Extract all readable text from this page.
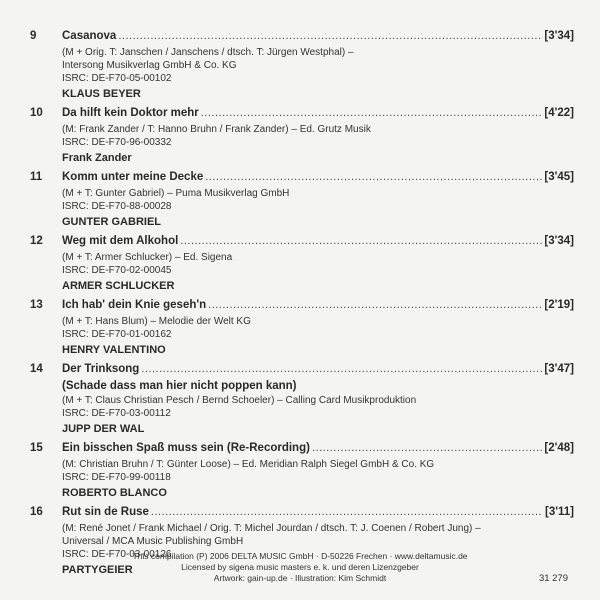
9	Casanova .....	[3'34]
(M + Orig. T: Janschen / Janschens / dtsch. T: Jürgen Westphal) –
Intersong Musikverlag GmbH & Co. KG
ISRC: DE-F70-05-00102
KLAUS BEYER
10	Da hilft kein Doktor mehr .....	[4'22]
(M: Frank Zander / T: Hanno Bruhn / Frank Zander) – Ed. Grutz Musik
ISRC: DE-F70-96-00332
Frank Zander
11	Komm unter meine Decke .....	[3'45]
(M + T: Gunter Gabriel) – Puma Musikverlag GmbH
ISRC: DE-F70-88-00028
GUNTER GABRIEL
12	Weg mit dem Alkohol .....	[3'34]
(M + T: Armer Schlucker) – Ed. Sigena
ISRC: DE-F70-02-00045
ARMER SCHLUCKER
13	Ich hab' dein Knie geseh'n .....	[2'19]
(M + T: Hans Blum) – Melodie der Welt KG
ISRC: DE-F70-01-00162
HENRY VALENTINO
14	Der Trinksong .....	[3'47]
(Schade dass man hier nicht poppen kann)
(M + T: Claus Christian Pesch / Bernd Schoeler) – Calling Card Musikproduktion
ISRC: DE-F70-03-00112
JUPP DER WAL
15	Ein bisschen Spaß muss sein (Re-Recording) .....	[2'48]
(M: Christian Bruhn / T: Günter Loose) – Ed. Meridian Ralph Siegel GmbH & Co. KG
ISRC: DE-F70-99-00118
ROBERTO BLANCO
16	Rut sin de Ruse .....	[3'11]
(M: René Jonet / Frank Michael / Orig. T: Michel Jourdan / dtsch. T: J. Coenen / Robert Jung) –
Universal / MCA Music Publishing GmbH
ISRC: DE-F70-03-00126
PARTYGEIER
This compilation (P) 2006 DELTA MUSIC GmbH · D-50226 Frechen · www.deltamusic.de
Licensed by sigena music masters e. k. und deren Lizenzgeber
Artwork: gain-up.de · Illustration: Kim Schmidt	31 279
